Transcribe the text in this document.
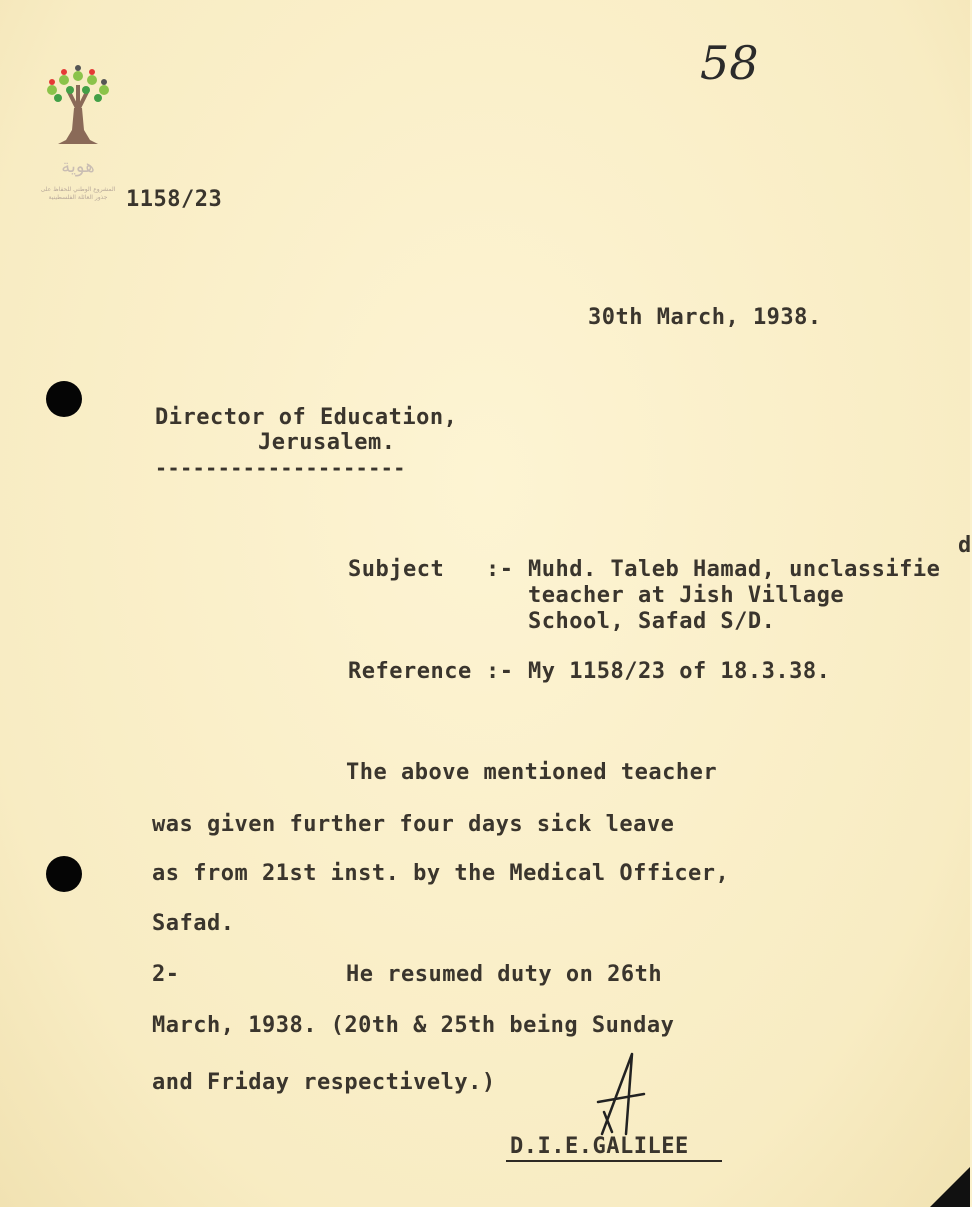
هوية
المشروع الوطني للحفاظ على
جذور العائلة الفلسطينية
58
1158/23
30th March, 1938.
Director of Education,
Jerusalem.
--------------------
Subject :- Muhd. Taleb Hamad, unclassifie
d
teacher at Jish Village
School, Safad S/D.
Reference :- My 1158/23 of 18.3.38.
The above mentioned teacher
was given further four days sick leave
as from 21st inst. by the Medical Officer,
Safad.
2-	He resumed duty on 26th
March, 1938. (20th & 25th being Sunday
and Friday respectively.)
D.I.E.GALILEE
